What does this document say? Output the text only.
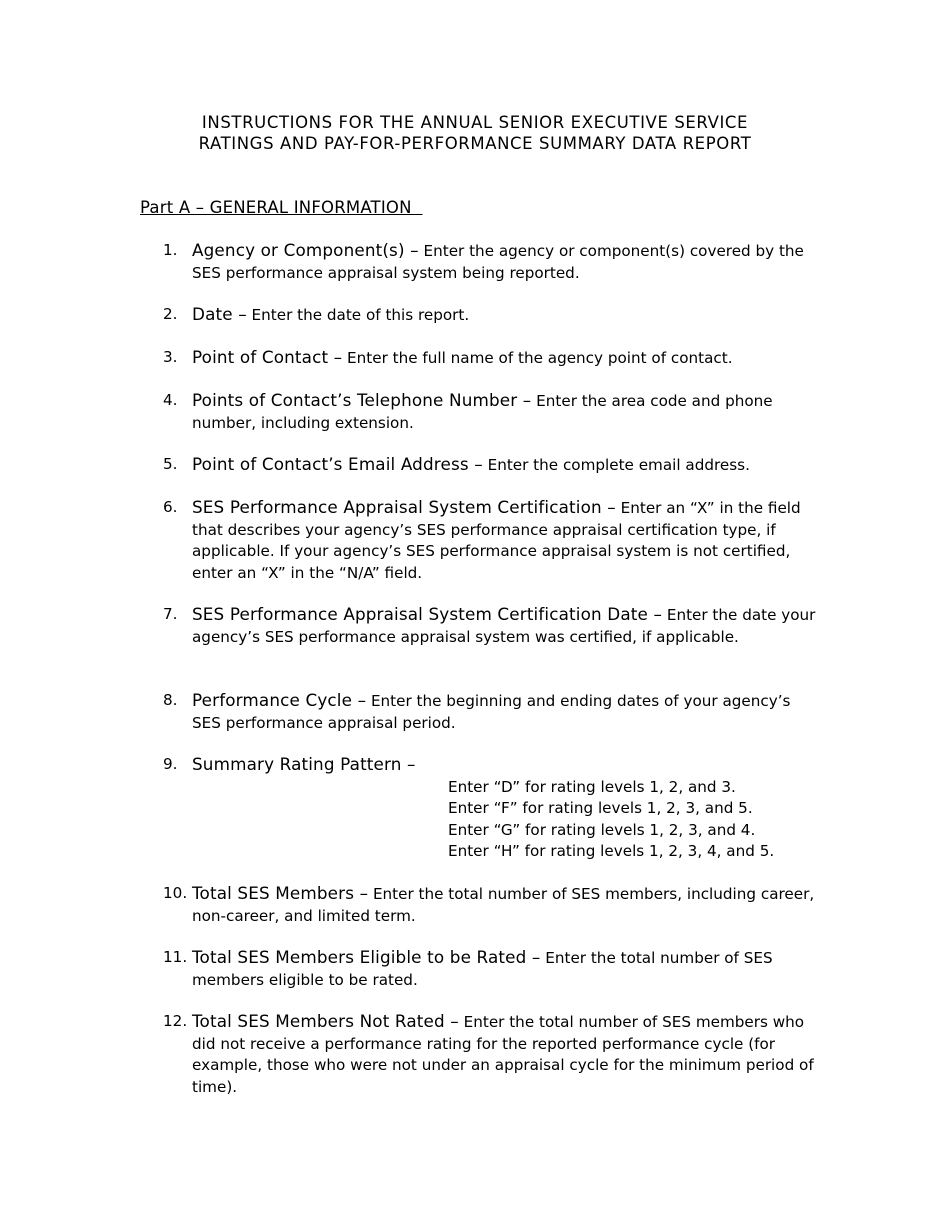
INSTRUCTIONS FOR THE ANNUAL SENIOR EXECUTIVE SERVICE
RATINGS AND PAY-FOR-PERFORMANCE SUMMARY DATA REPORT
Part A – GENERAL INFORMATION
1. Agency or Component(s) – Enter the agency or component(s) covered by the SES performance appraisal system being reported.
2. Date – Enter the date of this report.
3. Point of Contact – Enter the full name of the agency point of contact.
4. Points of Contact’s Telephone Number – Enter the area code and phone number, including extension.
5. Point of Contact’s Email Address – Enter the complete email address.
6. SES Performance Appraisal System Certification – Enter an “X” in the field that describes your agency’s SES performance appraisal certification type, if applicable. If your agency’s SES performance appraisal system is not certified, enter an “X” in the “N/A” field.
7. SES Performance Appraisal System Certification Date – Enter the date your agency’s SES performance appraisal system was certified, if applicable.
8. Performance Cycle – Enter the beginning and ending dates of your agency’s SES performance appraisal period.
9. Summary Rating Pattern –
Enter “D” for rating levels 1, 2, and 3.
Enter “F” for rating levels 1, 2, 3, and 5.
Enter “G” for rating levels 1, 2, 3, and 4.
Enter “H” for rating levels 1, 2, 3, 4, and 5.
10. Total SES Members – Enter the total number of SES members, including career, non-career, and limited term.
11. Total SES Members Eligible to be Rated – Enter the total number of SES members eligible to be rated.
12. Total SES Members Not Rated – Enter the total number of SES members who did not receive a performance rating for the reported performance cycle (for example, those who were not under an appraisal cycle for the minimum period of time).
